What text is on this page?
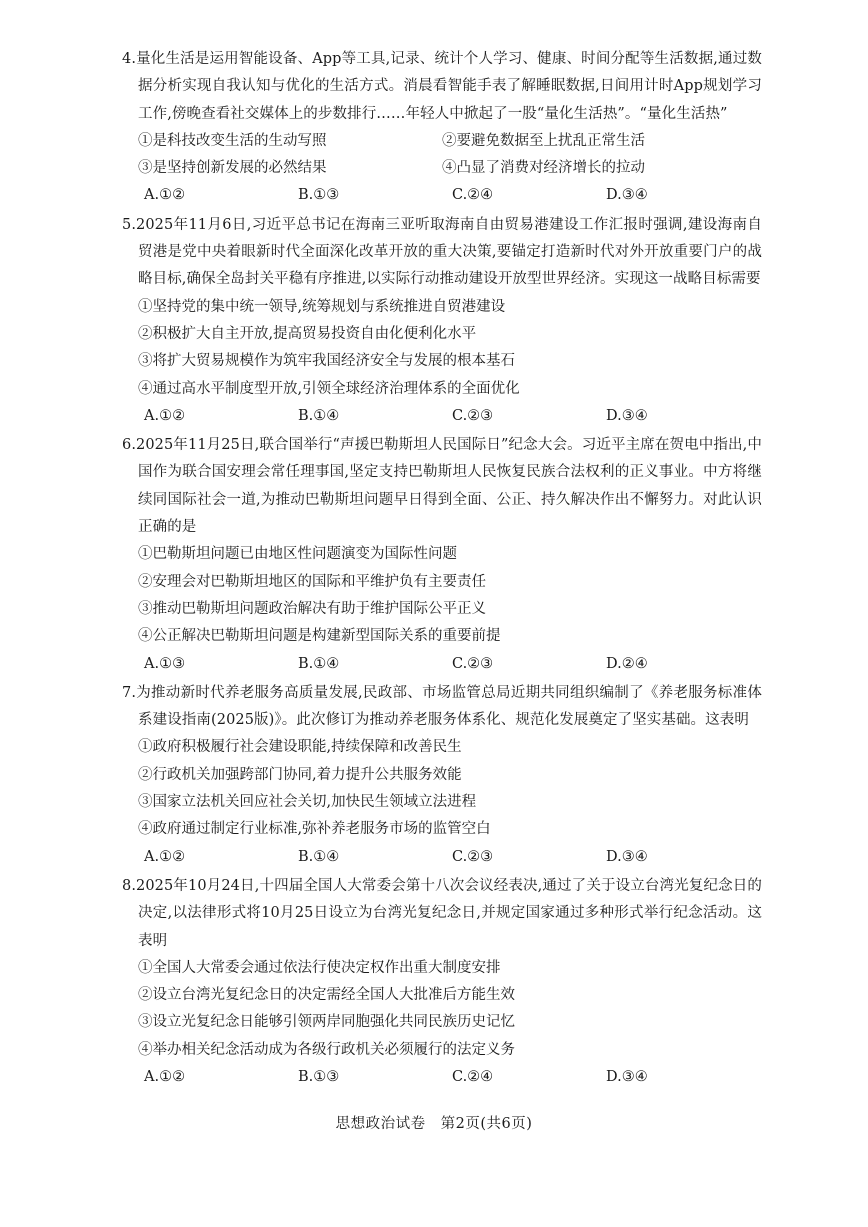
4.量化生活是运用智能设备、App等工具,记录、统计个人学习、健康、时间分配等生活数据,通过数据分析实现自我认知与优化的生活方式。消晨看智能手表了解睡眠数据,日间用计时App规划学习工作,傍晚查看社交媒体上的步数排行……年轻人中掀起了一股“量化生活热”。“量化生活热”
①是科技改变生活的生动写照	②要避免数据至上扰乱正常生活
③是坚持创新发展的必然结果	④凸显了消费对经济增长的拉动
A.①②	B.①③	C.②④	D.③④
5.2025年11月6日,习近平总书记在海南三亚听取海南自由贸易港建设工作汇报时强调,建设海南自贸港是党中央着眼新时代全面深化改革开放的重大决策,要锚定打造新时代对外开放重要门户的战略目标,确保全岛封关平稳有序推进,以实际行动推动建设开放型世界经济。实现这一战略目标需要
①坚持党的集中统一领导,统筹规划与系统推进自贸港建设
②积极扩大自主开放,提高贸易投资自由化便利化水平
③将扩大贸易规模作为筑牢我国经济安全与发展的根本基石
④通过高水平制度型开放,引领全球经济治理体系的全面优化
A.①②	B.①④	C.②③	D.③④
6.2025年11月25日,联合国举行“声援巴勒斯坦人民国际日”纪念大会。习近平主席在贺电中指出,中国作为联合国安理会常任理事国,坚定支持巴勒斯坦人民恢复民族合法权利的正义事业。中方将继续同国际社会一道,为推动巴勒斯坦问题早日得到全面、公正、持久解决作出不懈努力。对此认识正确的是
①巴勒斯坦问题已由地区性问题演变为国际性问题
②安理会对巴勒斯坦地区的国际和平维护负有主要责任
③推动巴勒斯坦问题政治解决有助于维护国际公平正义
④公正解决巴勒斯坦问题是构建新型国际关系的重要前提
A.①③	B.①④	C.②③	D.②④
7.为推动新时代养老服务高质量发展,民政部、市场监管总局近期共同组织编制了《养老服务标准体系建设指南(2025版)》。此次修订为推动养老服务体系化、规范化发展奠定了坚实基础。这表明
①政府积极履行社会建设职能,持续保障和改善民生
②行政机关加强跨部门协同,着力提升公共服务效能
③国家立法机关回应社会关切,加快民生领域立法进程
④政府通过制定行业标准,弥补养老服务市场的监管空白
A.①②	B.①④	C.②③	D.③④
8.2025年10月24日,十四届全国人大常委会第十八次会议经表决,通过了关于设立台湾光复纪念日的决定,以法律形式将10月25日设立为台湾光复纪念日,并规定国家通过多种形式举行纪念活动。这表明
①全国人大常委会通过依法行使决定权作出重大制度安排
②设立台湾光复纪念日的决定需经全国人大批准后方能生效
③设立光复纪念日能够引领两岸同胞强化共同民族历史记忆
④举办相关纪念活动成为各级行政机关必须履行的法定义务
A.①②	B.①③	C.②④	D.③④
思想政治试卷　第2页(共6页)
